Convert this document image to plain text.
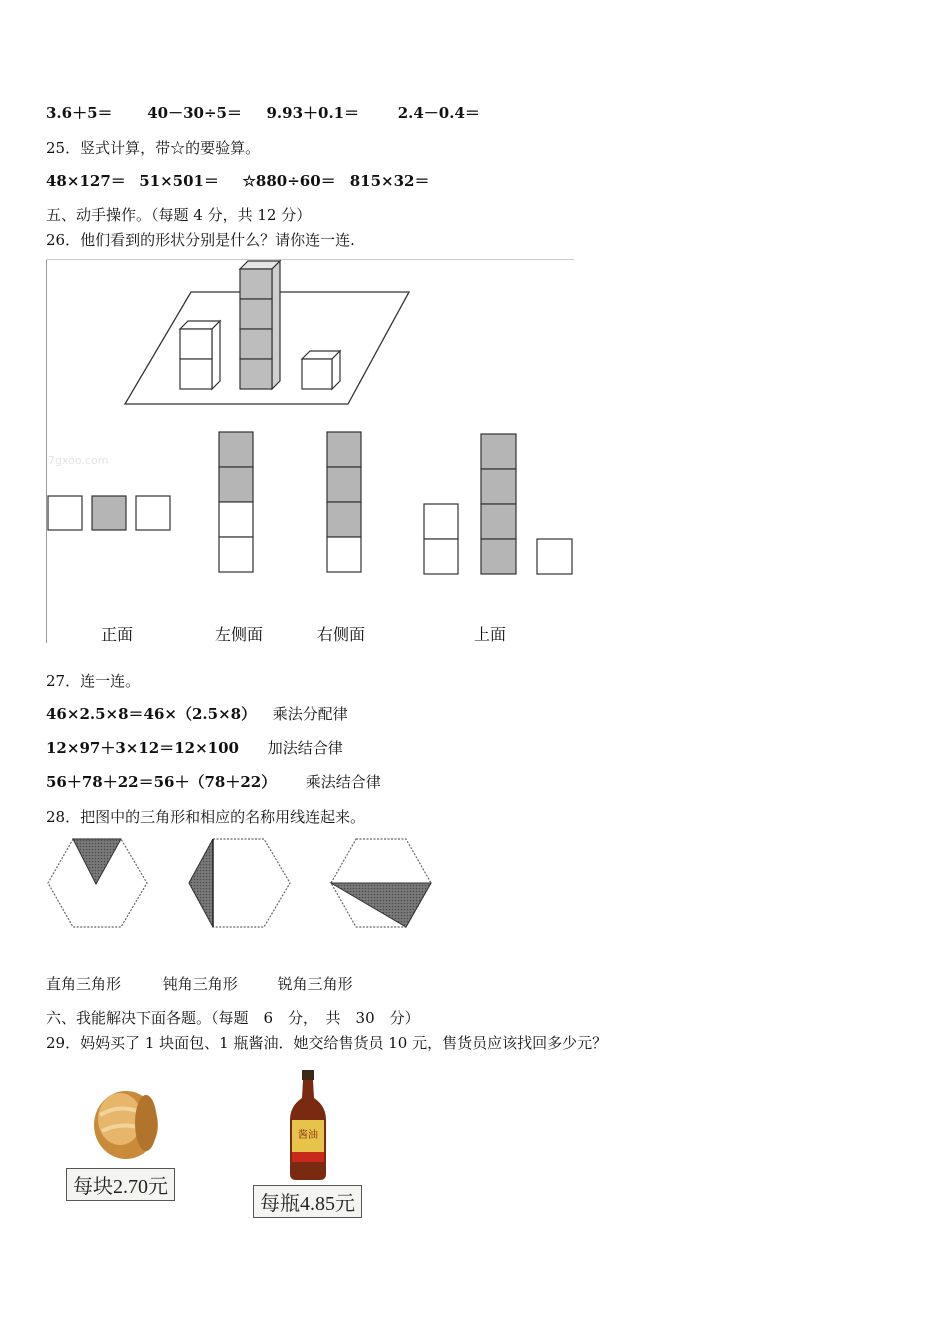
3.6＋5＝ 40－30÷5＝ 9.93＋0.1＝	2.4－0.4＝
25．竖式计算，带☆的要验算。
48×127＝ 51×501＝ ☆880÷60＝ 815×32＝
五、动手操作。（每题 4 分，共 12 分）
26．他们看到的形状分别是什么？请你连一连.
7gxoo.com
正面	左侧面	右侧面	上面
27．连一连。
46×2.5×8＝46×（2.5×8） 乘法分配律
12×97＋3×12＝12×100 加法结合律
56＋78＋22＝56＋（78＋22） 乘法结合律
28．把图中的三角形和相应的名称用线连起来。
直角三角形	钝角三角形	锐角三角形
六、我能解决下面各题。（每题　6　分，　共　30　分）
29．妈妈买了 1 块面包、1 瓶酱油．她交给售货员 10 元，售货员应该找回多少元？
每块2.70元
酱油
每瓶4.85元
